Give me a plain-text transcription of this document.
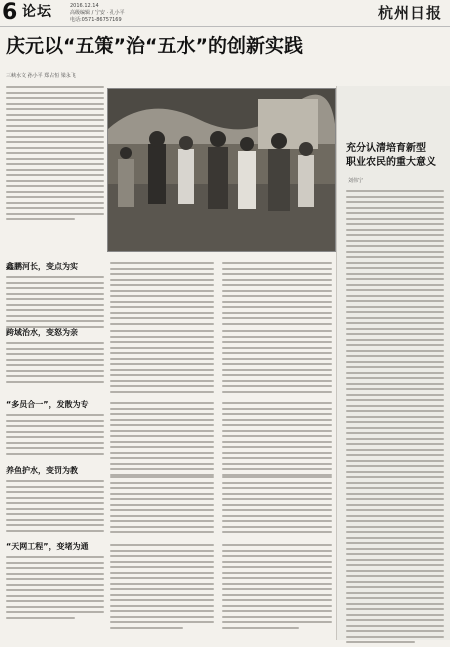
6 论坛	2016.12.14
高级编辑 / 宁安 · 孔小平
电话:0571-86757169	杭州日报
庆元以“五策”治“五水”的创新实践
三峡水文 孙小平 郑占恒 梁永飞
鑫鹏河长，变点为实
跨域治水，变怒为亲
“多员合一”，发散为专
养鱼护水，变罚为教
“天网工程”，变堵为通
充分认清培育新型
职业农民的重大意义
刘伟宁
